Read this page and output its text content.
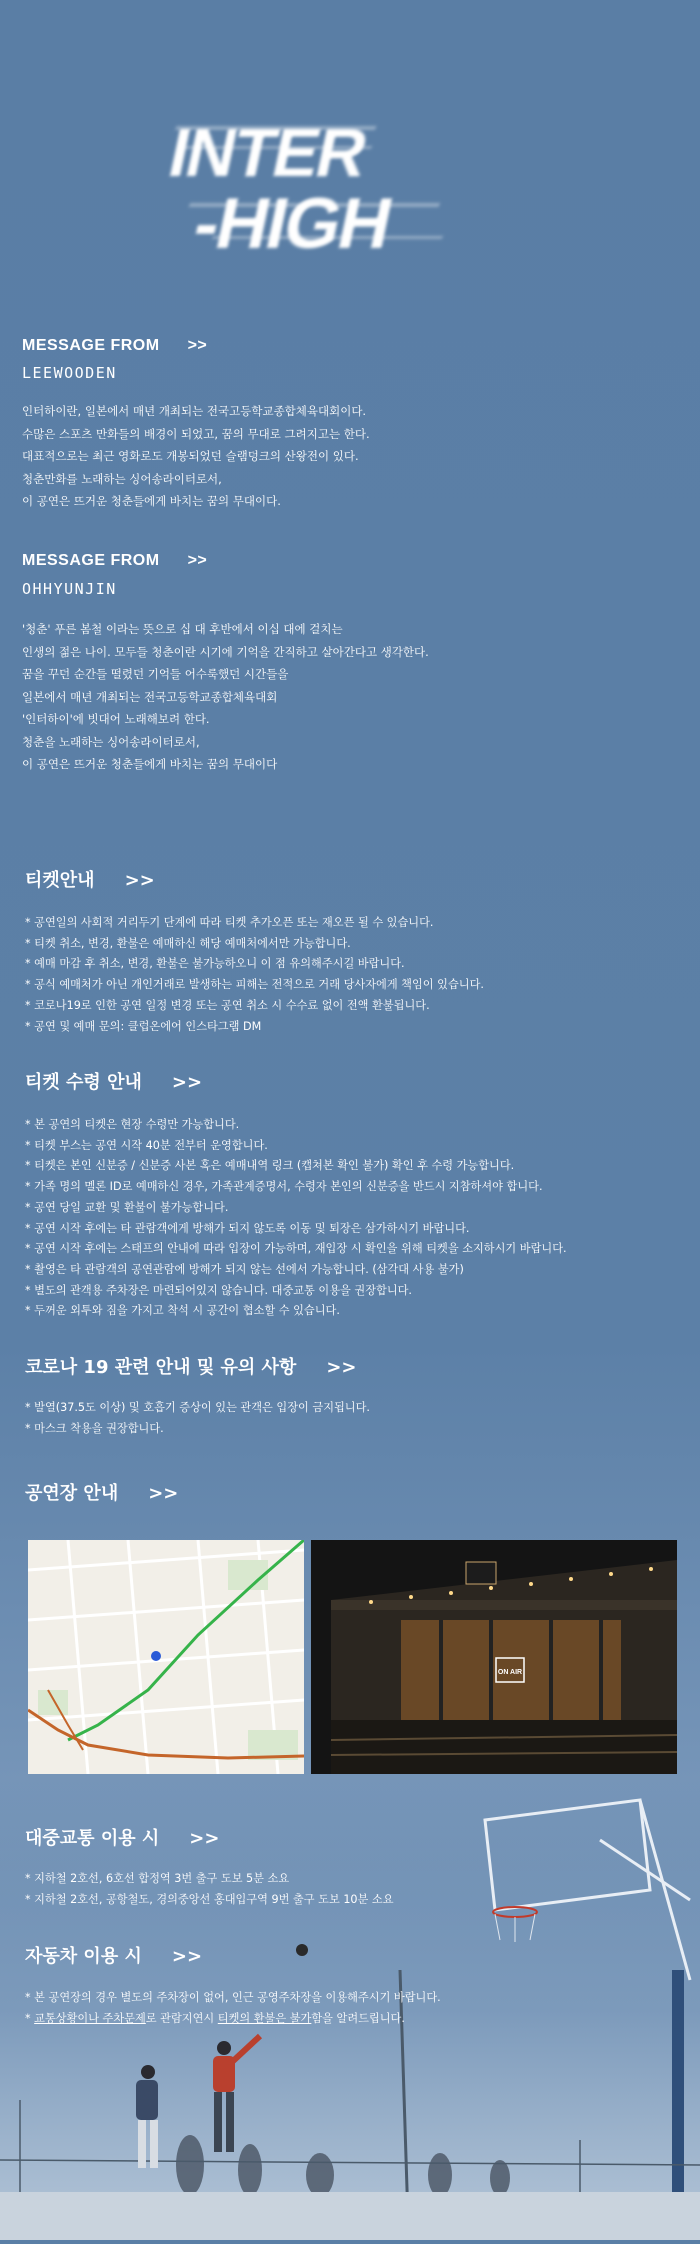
INTER
-HIGH
MESSAGE FROM >>
LEEWOODEN

인터하이란, 일본에서 매년 개최되는 전국고등학교종합체육대회이다.

수많은 스포츠 만화들의 배경이 되었고, 꿈의 무대로 그려지고는 한다.

대표적으로는 최근 영화로도 개봉되었던 슬램덩크의 산왕전이 있다.

청춘만화를 노래하는 싱어송라이터로서,

이 공연은 뜨거운 청춘들에게 바치는 꿈의 무대이다.

MESSAGE FROM >>
OHHYUNJIN

'청춘' 푸른 봄철 이라는 뜻으로 십 대 후반에서 이십 대에 걸치는

인생의 젊은 나이. 모두들 청춘이란 시기에 기억을 간직하고 살아간다고 생각한다.

꿈을 꾸던 순간들 떨렸던 기억들 어수룩했던 시간들을

일본에서 매년 개최되는 전국고등학교종합체육대회

'인터하이'에 빗대어 노래해보려 한다.

청춘을 노래하는 싱어송라이터로서,

이 공연은 뜨거운 청춘들에게 바치는 꿈의 무대이다

티켓안내 >>
* 공연일의 사회적 거리두기 단계에 따라 티켓 추가오픈 또는 재오픈 될 수 있습니다.
* 티켓 취소, 변경, 환불은 예매하신 해당 예매처에서만 가능합니다.
* 예매 마감 후 취소, 변경, 환불은 불가능하오니 이 점 유의해주시길 바랍니다.
* 공식 예매처가 아닌 개인거래로 발생하는 피해는 전적으로 거래 당사자에게 책임이 있습니다.
* 코로나19로 인한 공연 일정 변경 또는 공연 취소 시 수수료 없이 전액 환불됩니다.
* 공연 및 예매 문의: 클럽온에어 인스타그램 DM
티켓 수령 안내 >>
* 본 공연의 티켓은 현장 수령만 가능합니다.
* 티켓 부스는 공연 시작 40분 전부터 운영합니다.
* 티켓은 본인 신분증 / 신분증 사본 혹은 예매내역 링크 (캡쳐본 확인 불가) 확인 후 수령 가능합니다.
* 가족 명의 멜론 ID로 예매하신 경우, 가족관계증명서, 수령자 본인의 신분증을 반드시 지참하셔야 합니다.
* 공연 당일 교환 및 환불이 불가능합니다.
* 공연 시작 후에는 타 관람객에게 방해가 되지 않도록 이동 및 퇴장은 삼가하시기 바랍니다.
* 공연 시작 후에는 스태프의 안내에 따라 입장이 가능하며, 재입장 시 확인을 위해 티켓을 소지하시기 바랍니다.
* 촬영은 타 관람객의 공연관람에 방해가 되지 않는 선에서 가능합니다. (삼각대 사용 불가)
* 별도의 관객용 주차장은 마련되어있지 않습니다. 대중교통 이용을 권장합니다.
* 두꺼운 외투와 짐을 가지고 착석 시 공간이 협소할 수 있습니다.
코로나 19 관련 안내 및 유의 사항 >>
* 발열(37.5도 이상) 및 호흡기 증상이 있는 관객은 입장이 금지됩니다.
* 마스크 착용을 권장합니다.
공연장 안내 >>
ON AIR
대중교통 이용 시 >>
* 지하철 2호선, 6호선 합정역 3번 출구 도보 5분 소요
* 지하철 2호선, 공항철도, 경의중앙선 홍대입구역 9번 출구 도보 10분 소요
자동차 이용 시 >>
* 본 공연장의 경우 별도의 주차장이 없어, 인근 공영주차장을 이용해주시기 바랍니다.
* 교통상황이나 주차문제로 관람지연시 티켓의 환불은 불가함을 알려드립니다.
